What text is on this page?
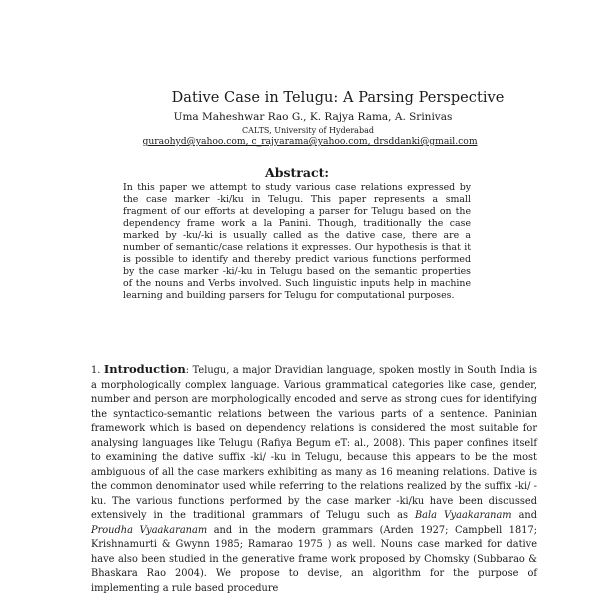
Dative Case in Telugu: A Parsing Perspective
Uma Maheshwar Rao G., K. Rajya Rama, A. Srinivas
CALTS, University of Hyderabad
guraohyd@yahoo.com, c_rajyarama@yahoo.com, drsddanki@gmail.com
Abstract:
In this paper we attempt to study various case relations expressed by the case marker -ki/ku in Telugu. This paper represents a small fragment of our efforts at developing a parser for Telugu based on the dependency frame work a la Panini. Though, traditionally the case marked by -ku/-ki is usually called as the dative case, there are a number of semantic/case relations it expresses. Our hypothesis is that it is possible to identify and thereby predict various functions performed by the case marker -ki/-ku in Telugu based on the semantic properties of the nouns and Verbs involved. Such linguistic inputs help in machine learning and building parsers for Telugu for computational purposes.
1. Introduction: Telugu, a major Dravidian language, spoken mostly in South India is a morphologically complex language. Various grammatical categories like case, gender, number and person are morphologically encoded and serve as strong cues for identifying the syntactico-semantic relations between the various parts of a sentence. Paninian framework which is based on dependency relations is considered the most suitable for analysing languages like Telugu (Rafiya Begum eT: al., 2008). This paper confines itself to examining the dative suffix -ki/ -ku in Telugu, because this appears to be the most ambiguous of all the case markers exhibiting as many as 16 meaning relations. Dative is the common denominator used while referring to the relations realized by the suffix -ki/ -ku. The various functions performed by the case marker -ki/ku have been discussed extensively in the traditional grammars of Telugu such as Bala Vyaakaranam and Proudha Vyaakaranam and in the modern grammars (Arden 1927; Campbell 1817; Krishnamurti & Gwynn 1985; Ramarao 1975 ) as well. Nouns case marked for dative have also been studied in the generative frame work proposed by Chomsky (Subbarao & Bhaskara Rao 2004). We propose to devise, an algorithm for the purpose of implementing a rule based procedure
